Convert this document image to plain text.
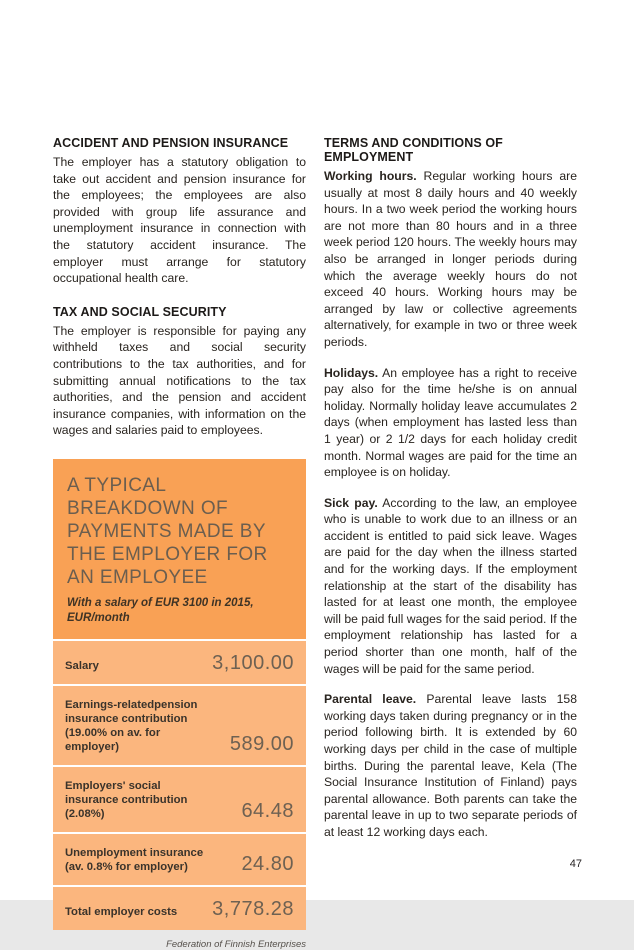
ACCIDENT AND PENSION INSURANCE

The employer has a statutory obligation to take out accident and pension insurance for the employees; the employees are also provided with group life assurance and unemployment insurance in connection with the statutory accident insurance. The employer must arrange for statutory occupational health care.

TAX AND SOCIAL SECURITY

The employer is responsible for paying any withheld taxes and social security contributions to the tax authorities, and for submitting annual notifications to the tax authorities, and the pension and accident insurance companies, with information on the wages and salaries paid to employees.

A TYPICAL BREAKDOWN OF PAYMENTS MADE BY THE EMPLOYER FOR AN EMPLOYEE
With a salary of EUR 3100 in 2015, EUR/month
Salary	3,100.00
Earnings-relatedpension insurance contribution (19.00% on av. for employer)	589.00
Employers' social insurance contribution (2.08%)	64.48
Unemployment insurance (av. 0.8% for employer)	24.80
Total employer costs	3,778.28
Federation of Finnish Enterprises
TERMS AND CONDITIONS OF EMPLOYMENT

Working hours. Regular working hours are usually at most 8 daily hours and 40 weekly hours. In a two week period the working hours are not more than 80 hours and in a three week period 120 hours. The weekly hours may also be arranged in longer periods during which the average weekly hours do not exceed 40 hours. Working hours may be arranged by law or collective agreements alternatively, for example in two or three week periods.

Holidays. An employee has a right to receive pay also for the time he/she is on annual holiday. Normally holiday leave accumulates 2 days (when employment has lasted less than 1 year) or 2 1/2 days for each holiday credit month. Normal wages are paid for the time an employee is on holiday.

Sick pay. According to the law, an employee who is unable to work due to an illness or an accident is entitled to paid sick leave. Wages are paid for the day when the illness started and for the working days. If the employment relationship at the start of the disability has lasted for at least one month, the employee will be paid full wages for the said period. If the employment relationship has lasted for a period shorter than one month, half of the wages will be paid for the same period.

Parental leave. Parental leave lasts 158 working days taken during pregnancy or in the period following birth. It is extended by 60 working days per child in the case of multiple births. During the parental leave, Kela (The Social Insurance Institution of Finland) pays parental allowance. Both parents can take the parental leave in up to two separate periods of at least 12 working days each.

47
